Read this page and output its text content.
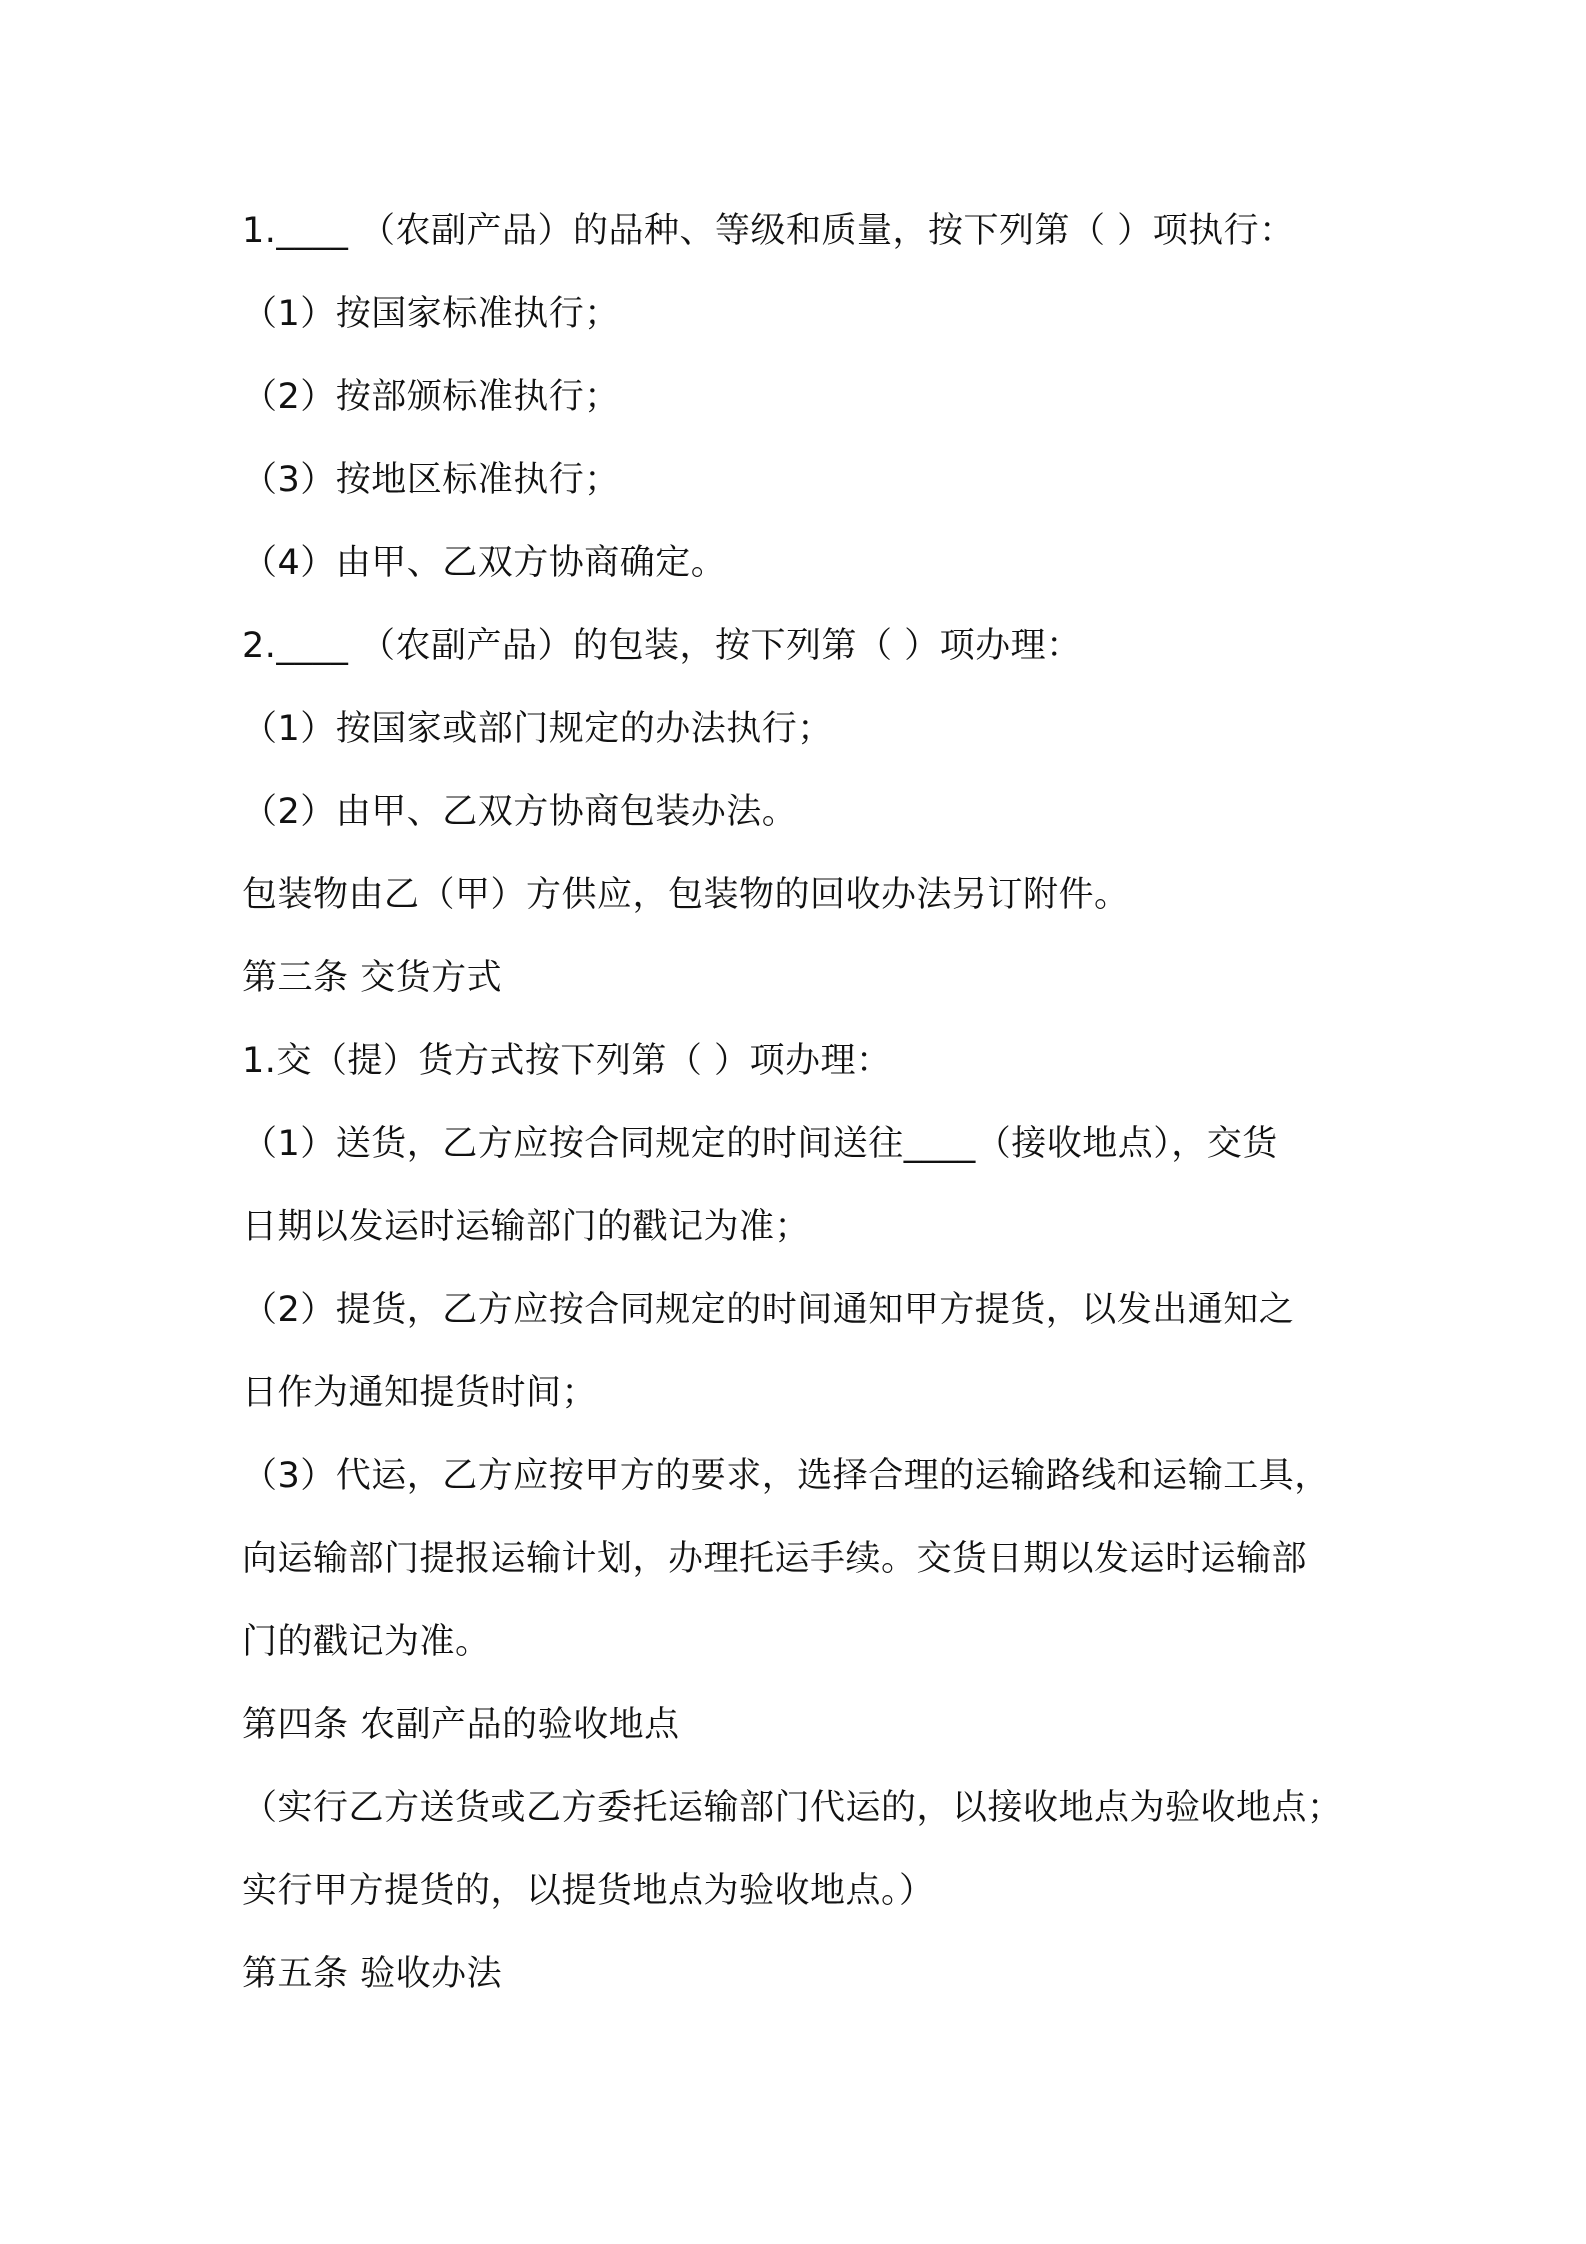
1.____ （农副产品）的品种、等级和质量，按下列第（ ）项执行：
（1）按国家标准执行；
（2）按部颁标准执行；
（3）按地区标准执行；
（4）由甲、乙双方协商确定。
2.____ （农副产品）的包装，按下列第（ ）项办理：
（1）按国家或部门规定的办法执行；
（2）由甲、乙双方协商包装办法。
包装物由乙（甲）方供应，包装物的回收办法另订附件。
第三条 交货方式
1.交（提）货方式按下列第（ ）项办理：
（1）送货，乙方应按合同规定的时间送往____（接收地点），交货
日期以发运时运输部门的戳记为准；
（2）提货，乙方应按合同规定的时间通知甲方提货，以发出通知之
日作为通知提货时间；
（3）代运，乙方应按甲方的要求，选择合理的运输路线和运输工具，
向运输部门提报运输计划，办理托运手续。交货日期以发运时运输部
门的戳记为准。
第四条 农副产品的验收地点
（实行乙方送货或乙方委托运输部门代运的，以接收地点为验收地点；
实行甲方提货的，以提货地点为验收地点。）
第五条 验收办法
